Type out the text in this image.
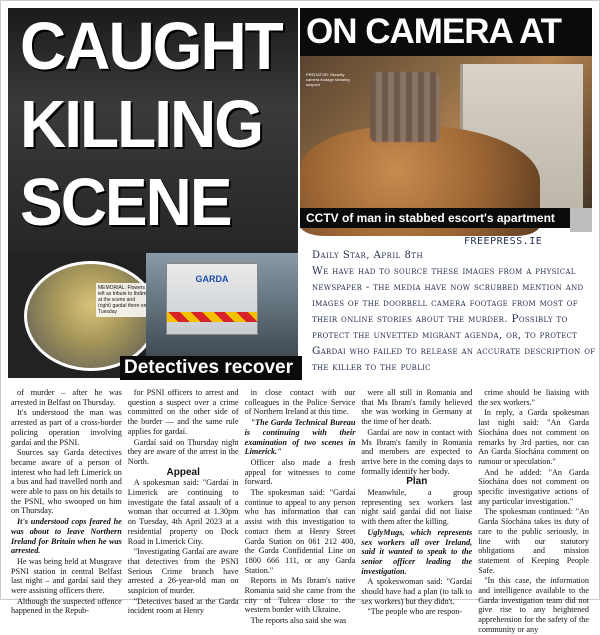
CAUGHT
KILLING
SCENE
ON CAMERA AT
PREDATOR: Security camera footage showing suspect
CCTV of man in stabbed escort's apartment
MEMORIAL: Flowers left as tribute to Ibrãm at the scene and (right) gardaí there on Tuesday
GARDA
Detectives recover
FREEPRESS.IE
Daily Star, April 8th
We have had to source these images from a physical newspaper - the media have now scrubbed mention and images of the doorbell camera footage from most of their online stories about the murder. Possibly to protect the unvetted migrant agenda, or, to protect Gardai who failed to release an accurate description of the killer to the public

of murder – after he was arrested in Belfast on Thursday.

It's understood the man was arrested as part of a cross-border policing operation involving gardaí and the PSNI.

Sources say Garda detectives became aware of a person of interest who had left Limerick on a bus and had travelled north and were able to pass on his details to the PSNI, who swooped on him on Thursday.

It's understood cops feared he was about to leave Northern Ireland for Britain when he was arrested.

He was being held at Musgrave PSNI station in central Belfast last night – and gardaí said they were assisting officers there.

Although the suspected offence happened in the Repub-

for PSNI officers to arrest and question a suspect over a crime committed on the other side of the border — and the same rule applies for gardaí.

Gardaí said on Thursday night they are aware of the arrest in the North.

Appeal

A spokesman said: "Gardaí in Limerick are continuing to investigate the fatal assault of a woman that occurred at 1.30pm on Tuesday, 4th April 2023 at a residential property on Dock Road in Limerick City.

"Investigating Gardaí are aware that detectives from the PSNI Serious Crime branch have arrested a 26-year-old man on suspicion of murder.

"Detectives based at the Garda incident room at Henry

in close contact with our colleagues in the Police Service of Northern Ireland at this time.

"The Garda Technical Bureau is continuing with their examination of two scenes in Limerick."

Officer also made a fresh appeal for witnesses to come forward.

The spokesman said: "Gardaí continue to appeal to any person who has information that can assist with this investigation to contact them at Henry Street Garda Station on 061 212 400, the Garda Confidential Line on 1800 666 111, or any Garda Station."

Reports in Ms Ibram's native Romania said she came from the city of Tulcea close to the western border with Ukraine.

The reports also said she was

were all still in Romania and that Ms Ibram's family believed she was working in Germany at the time of her death.

Gardaí are now in contact with Ms Ibram's family in Romania and members are expected to arrive here in the coming days to formally identify her body.

Plan

Meanwhile, a group representing sex workers last night said gardaí did not liaise with them after the killing.

UglyMugs, which represents sex workers all over Ireland, said it wanted to speak to the senior officer leading the investigation.

A spokeswoman said: "Gardaí should have had a plan (to talk to sex workers) but they didn't.

"The people who are respon-

crime should be liaising with the sex workers."

In reply, a Garda spokesman last night said: "An Garda Síochána does not comment on remarks by 3rd parties, nor can An Garda Síochána comment on rumour or speculation."

And he added: "An Garda Síochána does not comment on specific investigative actions of any particular investigation."

The spokesman continued: "An Garda Síochána takes its duty of care to the public seriously, in line with our statutory obligations and mission statement of Keeping People Safe.

"In this case, the information and intelligence available to the Garda investigation team did not give rise to any heightened apprehension for the safety of the community or any
